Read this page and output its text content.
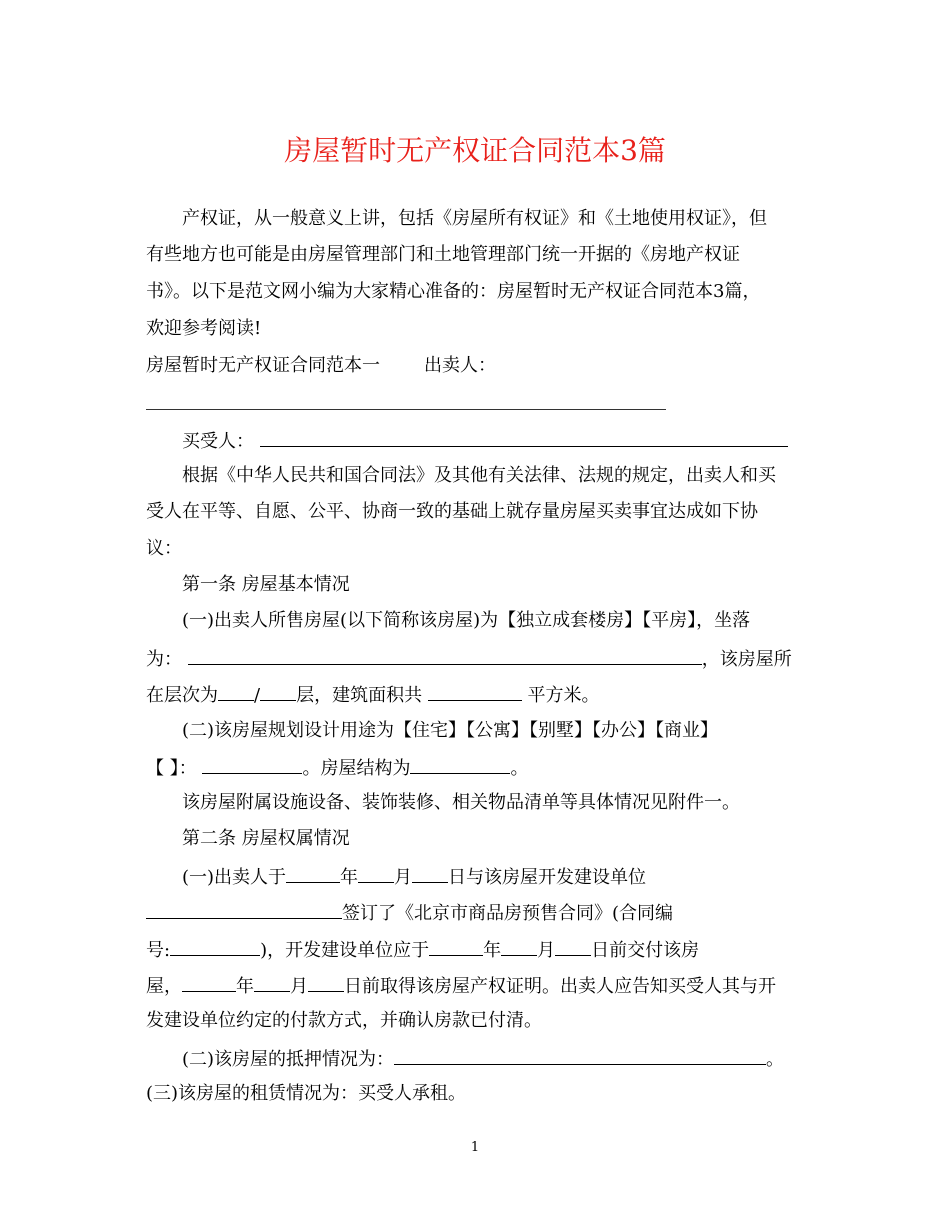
房屋暂时无产权证合同范本3篇
产权证，从一般意义上讲，包括《房屋所有权证》和《土地使用权证》，但
有些地方也可能是由房屋管理部门和土地管理部门统一开据的《房地产权证
书》。以下是范文网小编为大家精心准备的：房屋暂时无产权证合同范本3篇，
欢迎参考阅读!
房屋暂时无产权证合同范本一 出卖人：
买受人：
根据《中华人民共和国合同法》及其他有关法律、法规的规定，出卖人和买
受人在平等、自愿、公平、协商一致的基础上就存量房屋买卖事宜达成如下协
议：
第一条 房屋基本情况
(一)出卖人所售房屋(以下简称该房屋)为【独立成套楼房】【平房】，坐落
为：	，该房屋所
在层次为 / 层，建筑面积共	平方米。
(二)该房屋规划设计用途为【住宅】【公寓】【别墅】【办公】【商业】
【 】：	。房屋结构为	。
该房屋附属设施设备、装饰装修、相关物品清单等具体情况见附件一。
第二条 房屋权属情况
(一)出卖人于	年 月 日与该房屋开发建设单位
签订了《北京市商品房预售合同》(合同编
号:	)，开发建设单位应于	年 月 日前交付该房
屋，	年 月 日前取得该房屋产权证明。出卖人应告知买受人其与开
发建设单位约定的付款方式，并确认房款已付清。
(二)该房屋的抵押情况为：	。
(三)该房屋的租赁情况为：买受人承租。
1
